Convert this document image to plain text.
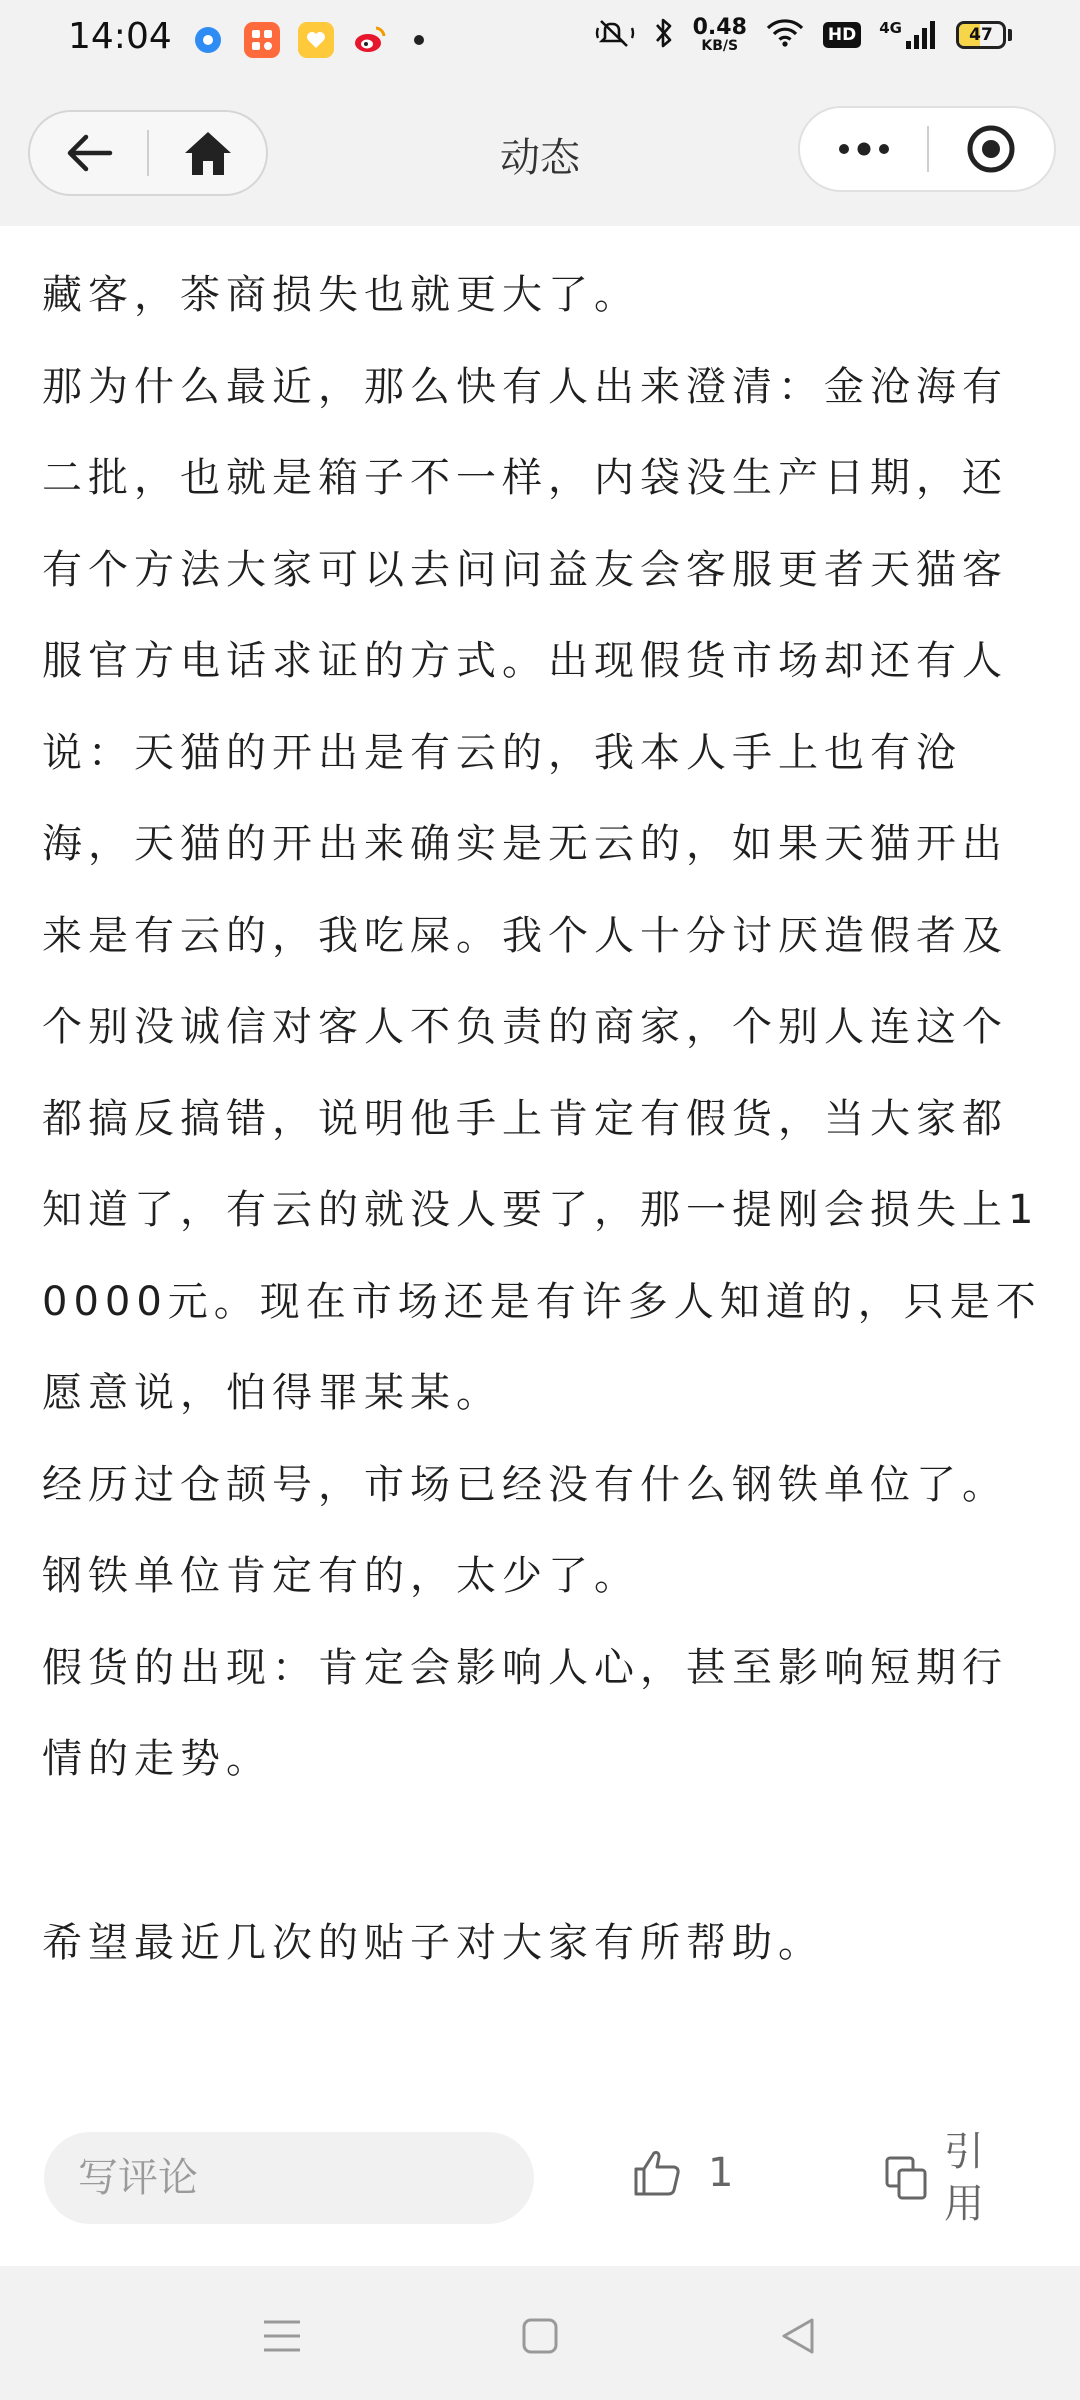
14:04	0.48
KB/S
HD	4G	47
动态

藏客，茶商损失也就更大了。

那为什么最近，那么快有人出来澄清：金沧海有二批，也就是箱子不一样，内袋没生产日期，还有个方法大家可以去问问益友会客服更者天猫客服官方电话求证的方式。出现假货市场却还有人说：天猫的开出是有云的，我本人手上也有沧海，天猫的开出来确实是无云的，如果天猫开出来是有云的，我吃屎。我个人十分讨厌造假者及个别没诚信对客人不负责的商家，个别人连这个都搞反搞错，说明他手上肯定有假货，当大家都知道了，有云的就没人要了，那一提刚会损失上10000元。现在市场还是有许多人知道的，只是不愿意说，怕得罪某某。

经历过仓颉号，市场已经没有什么钢铁单位了。钢铁单位肯定有的，太少了。

假货的出现：肯定会影响人心，甚至影响短期行情的走势。

希望最近几次的贴子对大家有所帮助。

写评论	1	引用
